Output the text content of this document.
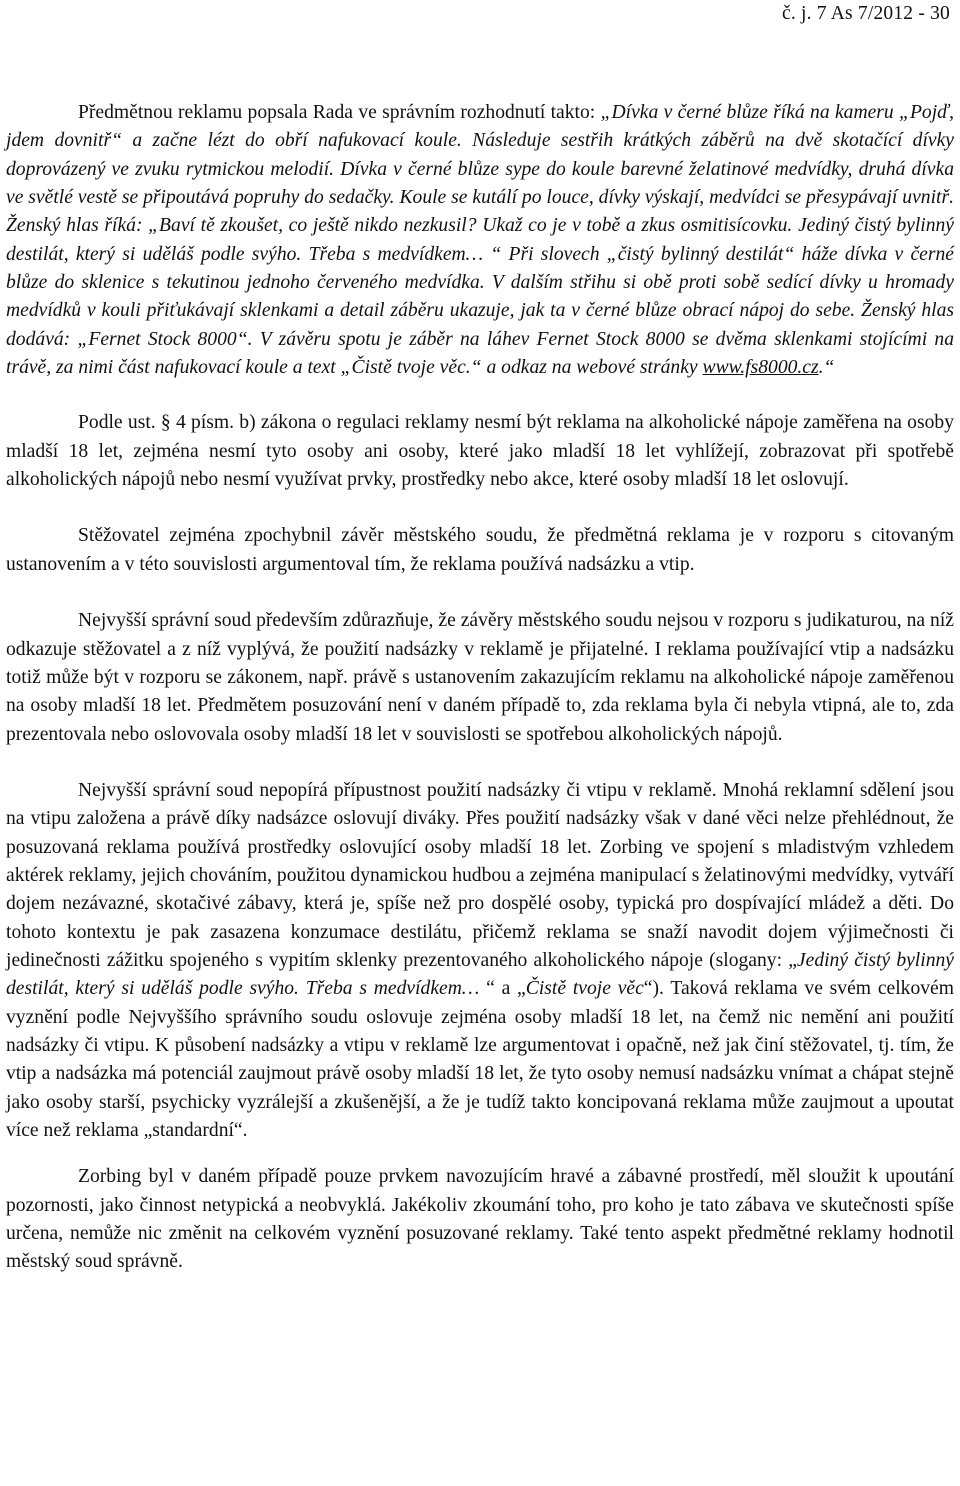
č. j. 7 As 7/2012 - 30

Předmětnou reklamu popsala Rada ve správním rozhodnutí takto: „Dívka v černé blůze říká na kameru „Pojď, jdem dovnitř“ a začne lézt do obří nafukovací koule. Následuje sestřih krátkých záběrů na dvě skotačící dívky doprovázený ve zvuku rytmickou melodií. Dívka v černé blůze sype do koule barevné želatinové medvídky, druhá dívka ve světlé vestě se připoutává popruhy do sedačky. Koule se kutálí po louce, dívky výskají, medvídci se přesypávají uvnitř. Ženský hlas říká: „Baví tě zkoušet, co ještě nikdo nezkusil? Ukaž co je v tobě a zkus osmitisícovku. Jediný čistý bylinný destilát, který si uděláš podle svýho. Třeba s medvídkem… “ Při slovech „čistý bylinný destilát“ háže dívka v černé blůze do sklenice s tekutinou jednoho červeného medvídka. V dalším střihu si obě proti sobě sedící dívky u hromady medvídků v kouli přiťukávají sklenkami a detail záběru ukazuje, jak ta v černé blůze obrací nápoj do sebe. Ženský hlas dodává: „Fernet Stock 8000“. V závěru spotu je záběr na láhev Fernet Stock 8000 se dvěma sklenkami stojícími na trávě, za nimi část nafukovací koule a text „Čistě tvoje věc.“ a odkaz na webové stránky www.fs8000.cz.“

Podle ust. § 4 písm. b) zákona o regulaci reklamy nesmí být reklama na alkoholické nápoje zaměřena na osoby mladší 18 let, zejména nesmí tyto osoby ani osoby, které jako mladší 18 let vyhlížejí, zobrazovat při spotřebě alkoholických nápojů nebo nesmí využívat prvky, prostředky nebo akce, které osoby mladší 18 let oslovují.

Stěžovatel zejména zpochybnil závěr městského soudu, že předmětná reklama je v rozporu s citovaným ustanovením a v této souvislosti argumentoval tím, že reklama používá nadsázku a vtip.

Nejvyšší správní soud především zdůrazňuje, že závěry městského soudu nejsou v rozporu s judikaturou, na níž odkazuje stěžovatel a z níž vyplývá, že použití nadsázky v reklamě je přijatelné. I reklama používající vtip a nadsázku totiž může být v rozporu se zákonem, např. právě s ustanovením zakazujícím reklamu na alkoholické nápoje zaměřenou na osoby mladší 18 let. Předmětem posuzování není v daném případě to, zda reklama byla či nebyla vtipná, ale to, zda prezentovala nebo oslovovala osoby mladší 18 let v souvislosti se spotřebou alkoholických nápojů.

Nejvyšší správní soud nepopírá přípustnost použití nadsázky či vtipu v reklamě. Mnohá reklamní sdělení jsou na vtipu založena a právě díky nadsázce oslovují diváky. Přes použití nadsázky však v dané věci nelze přehlédnout, že posuzovaná reklama používá prostředky oslovující osoby mladší 18 let. Zorbing ve spojení s mladistvým vzhledem aktérek reklamy, jejich chováním, použitou dynamickou hudbou a zejména manipulací s želatinovými medvídky, vytváří dojem nezávazné, skotačivé zábavy, která je, spíše než pro dospělé osoby, typická pro dospívající mládež a děti. Do tohoto kontextu je pak zasazena konzumace destilátu, přičemž reklama se snaží navodit dojem výjimečnosti či jedinečnosti zážitku spojeného s vypitím sklenky prezentovaného alkoholického nápoje (slogany: „Jediný čistý bylinný destilát, který si uděláš podle svýho. Třeba s medvídkem… “ a „Čistě tvoje věc“). Taková reklama ve svém celkovém vyznění podle Nejvyššího správního soudu oslovuje zejména osoby mladší 18 let, na čemž nic nemění ani použití nadsázky či vtipu. K působení nadsázky a vtipu v reklamě lze argumentovat i opačně, než jak činí stěžovatel, tj. tím, že vtip a nadsázka má potenciál zaujmout právě osoby mladší 18 let, že tyto osoby nemusí nadsázku vnímat a chápat stejně jako osoby starší, psychicky vyzrálejší a zkušenější, a že je tudíž takto koncipovaná reklama může zaujmout a upoutat více než reklama „standardní“.

Zorbing byl v daném případě pouze prvkem navozujícím hravé a zábavné prostředí, měl sloužit k upoutání pozornosti, jako činnost netypická a neobvyklá. Jakékoliv zkoumání toho, pro koho je tato zábava ve skutečnosti spíše určena, nemůže nic změnit na celkovém vyznění posuzované reklamy. Také tento aspekt předmětné reklamy hodnotil městský soud správně.
